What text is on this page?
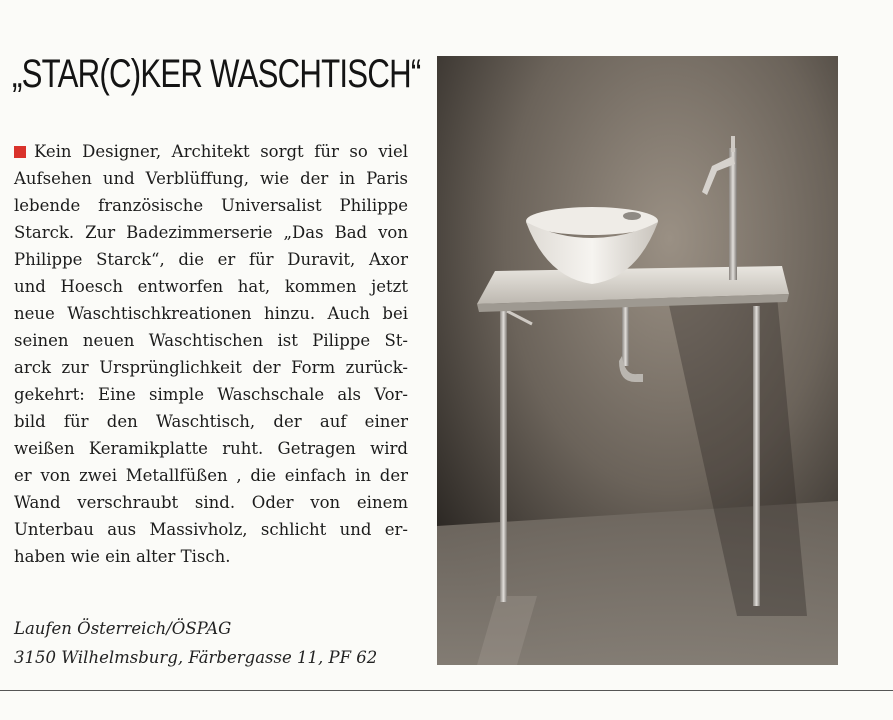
„STAR(C)KER WASCHTISCH“
Kein Designer, Architekt sorgt für so viel
Aufsehen und Verblüffung, wie der in Paris
lebende französische Universalist Philippe
Starck. Zur Badezimmerserie „Das Bad von
Philippe Starck“, die er für Duravit, Axor
und Hoesch entworfen hat, kommen jetzt
neue Waschtischkreationen hinzu. Auch bei
seinen neuen Waschtischen ist Pilippe St-
arck zur Ursprünglichkeit der Form zurück-
gekehrt: Eine simple Waschschale als Vor-
bild für den Waschtisch, der auf einer
weißen Keramikplatte ruht. Getragen wird
er von zwei Metallfüßen , die einfach in der
Wand verschraubt sind. Oder von einem
Unterbau aus Massivholz, schlicht und er-
haben wie ein alter Tisch.
Laufen Österreich/ÖSPAG
3150 Wilhelmsburg, Färbergasse 11, PF 62
